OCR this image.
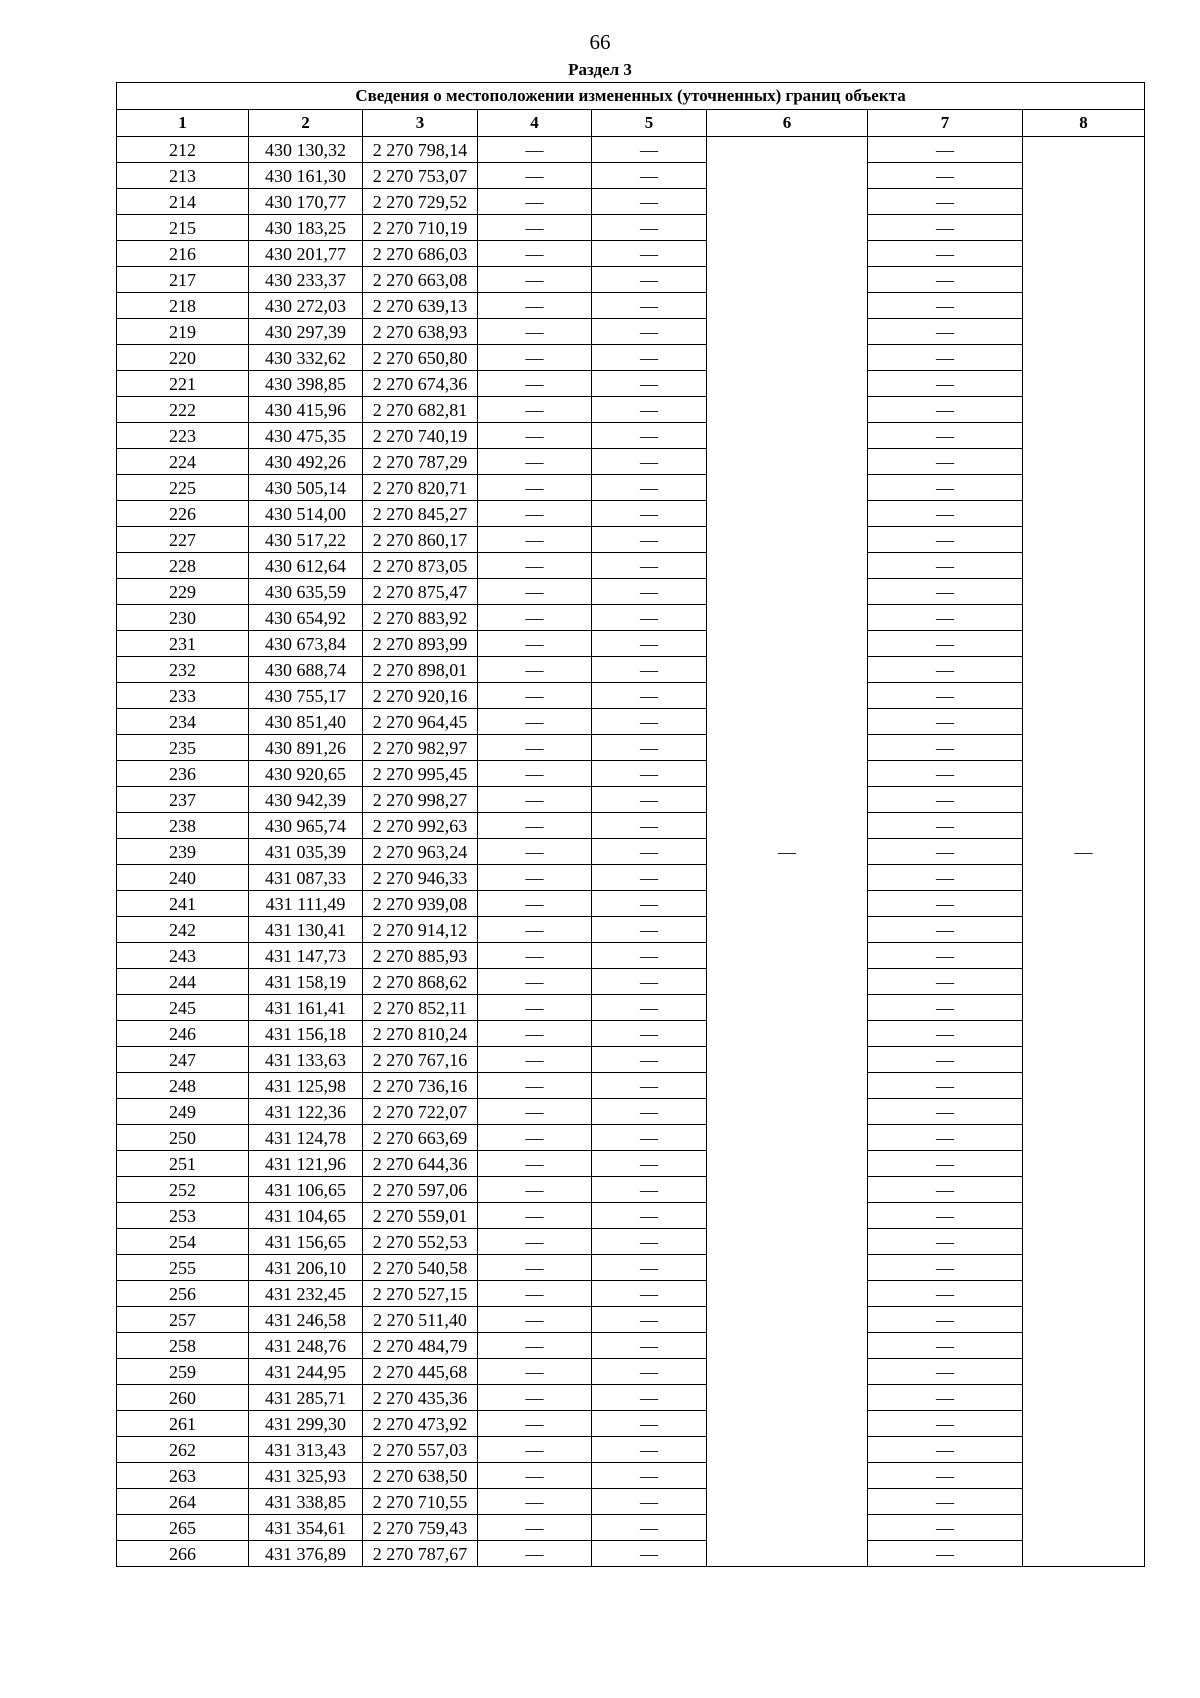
66
Раздел 3
Сведения о местоположении измененных (уточненных) границ объекта							
1	2	3	4	5	6	7	8
212	430 130,32	2 270 798,14	—	—	—	—	—
213	430 161,30	2 270 753,07	—	—		—	
214	430 170,77	2 270 729,52	—	—		—	
215	430 183,25	2 270 710,19	—	—		—	
216	430 201,77	2 270 686,03	—	—		—	
217	430 233,37	2 270 663,08	—	—		—	
218	430 272,03	2 270 639,13	—	—		—	
219	430 297,39	2 270 638,93	—	—		—	
220	430 332,62	2 270 650,80	—	—		—	
221	430 398,85	2 270 674,36	—	—		—	
222	430 415,96	2 270 682,81	—	—		—	
223	430 475,35	2 270 740,19	—	—		—	
224	430 492,26	2 270 787,29	—	—		—	
225	430 505,14	2 270 820,71	—	—		—	
226	430 514,00	2 270 845,27	—	—		—	
227	430 517,22	2 270 860,17	—	—		—	
228	430 612,64	2 270 873,05	—	—		—	
229	430 635,59	2 270 875,47	—	—		—	
230	430 654,92	2 270 883,92	—	—		—	
231	430 673,84	2 270 893,99	—	—		—	
232	430 688,74	2 270 898,01	—	—		—	
233	430 755,17	2 270 920,16	—	—		—	
234	430 851,40	2 270 964,45	—	—		—	
235	430 891,26	2 270 982,97	—	—		—	
236	430 920,65	2 270 995,45	—	—		—	
237	430 942,39	2 270 998,27	—	—		—	
238	430 965,74	2 270 992,63	—	—		—	
239	431 035,39	2 270 963,24	—	—		—	
240	431 087,33	2 270 946,33	—	—		—	
241	431 111,49	2 270 939,08	—	—		—	
242	431 130,41	2 270 914,12	—	—		—	
243	431 147,73	2 270 885,93	—	—		—	
244	431 158,19	2 270 868,62	—	—		—	
245	431 161,41	2 270 852,11	—	—		—	
246	431 156,18	2 270 810,24	—	—		—	
247	431 133,63	2 270 767,16	—	—		—	
248	431 125,98	2 270 736,16	—	—		—	
249	431 122,36	2 270 722,07	—	—		—	
250	431 124,78	2 270 663,69	—	—		—	
251	431 121,96	2 270 644,36	—	—		—	
252	431 106,65	2 270 597,06	—	—		—	
253	431 104,65	2 270 559,01	—	—		—	
254	431 156,65	2 270 552,53	—	—		—	
255	431 206,10	2 270 540,58	—	—		—	
256	431 232,45	2 270 527,15	—	—		—	
257	431 246,58	2 270 511,40	—	—		—	
258	431 248,76	2 270 484,79	—	—		—	
259	431 244,95	2 270 445,68	—	—		—	
260	431 285,71	2 270 435,36	—	—		—	
261	431 299,30	2 270 473,92	—	—		—	
262	431 313,43	2 270 557,03	—	—		—	
263	431 325,93	2 270 638,50	—	—		—	
264	431 338,85	2 270 710,55	—	—		—	
265	431 354,61	2 270 759,43	—	—		—	
266	431 376,89	2 270 787,67	—	—		—	
